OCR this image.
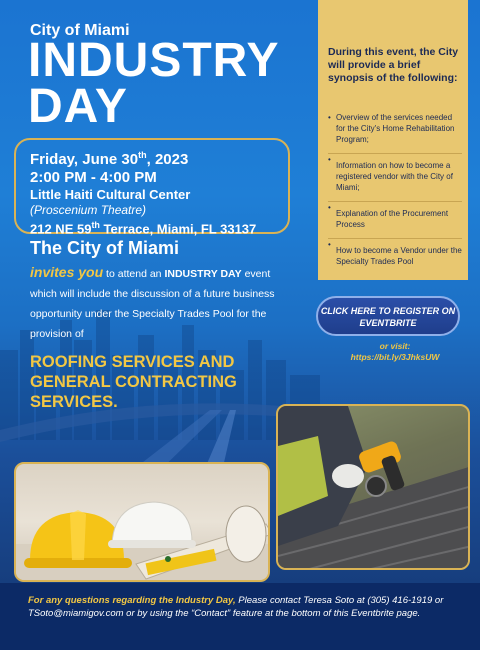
City of Miami
INDUSTRY
DAY
Friday, June 30th, 2023
2:00 PM - 4:00 PM
Little Haiti Cultural Center
(Proscenium Theatre)
212 NE 59th Terrace, Miami, FL 33137
The City of Miami
invites you to attend an INDUSTRY DAY event which will include the discussion of a future business opportunity under the Specialty Trades Pool for the provision of
ROOFING SERVICES AND GENERAL CONTRACTING SERVICES.
During this event, the City will provide a brief synopsis of the following:
• Overview of the services needed for the City's Home Rehabilitation Program;
• Information on how to become a registered vendor with the City of Miami;
• Explanation of the Procurement Process
• How to become a Vendor under the Specialty Trades Pool
CLICK HERE TO REGISTER ON EVENTBRITE
or visit:
https://bit.ly/3JhksUW
For any questions regarding the Industry Day, Please contact Teresa Soto at (305) 416-1919 or TSoto@miamigov.com or by using the “Contact” feature at the bottom of this Eventbrite page.
